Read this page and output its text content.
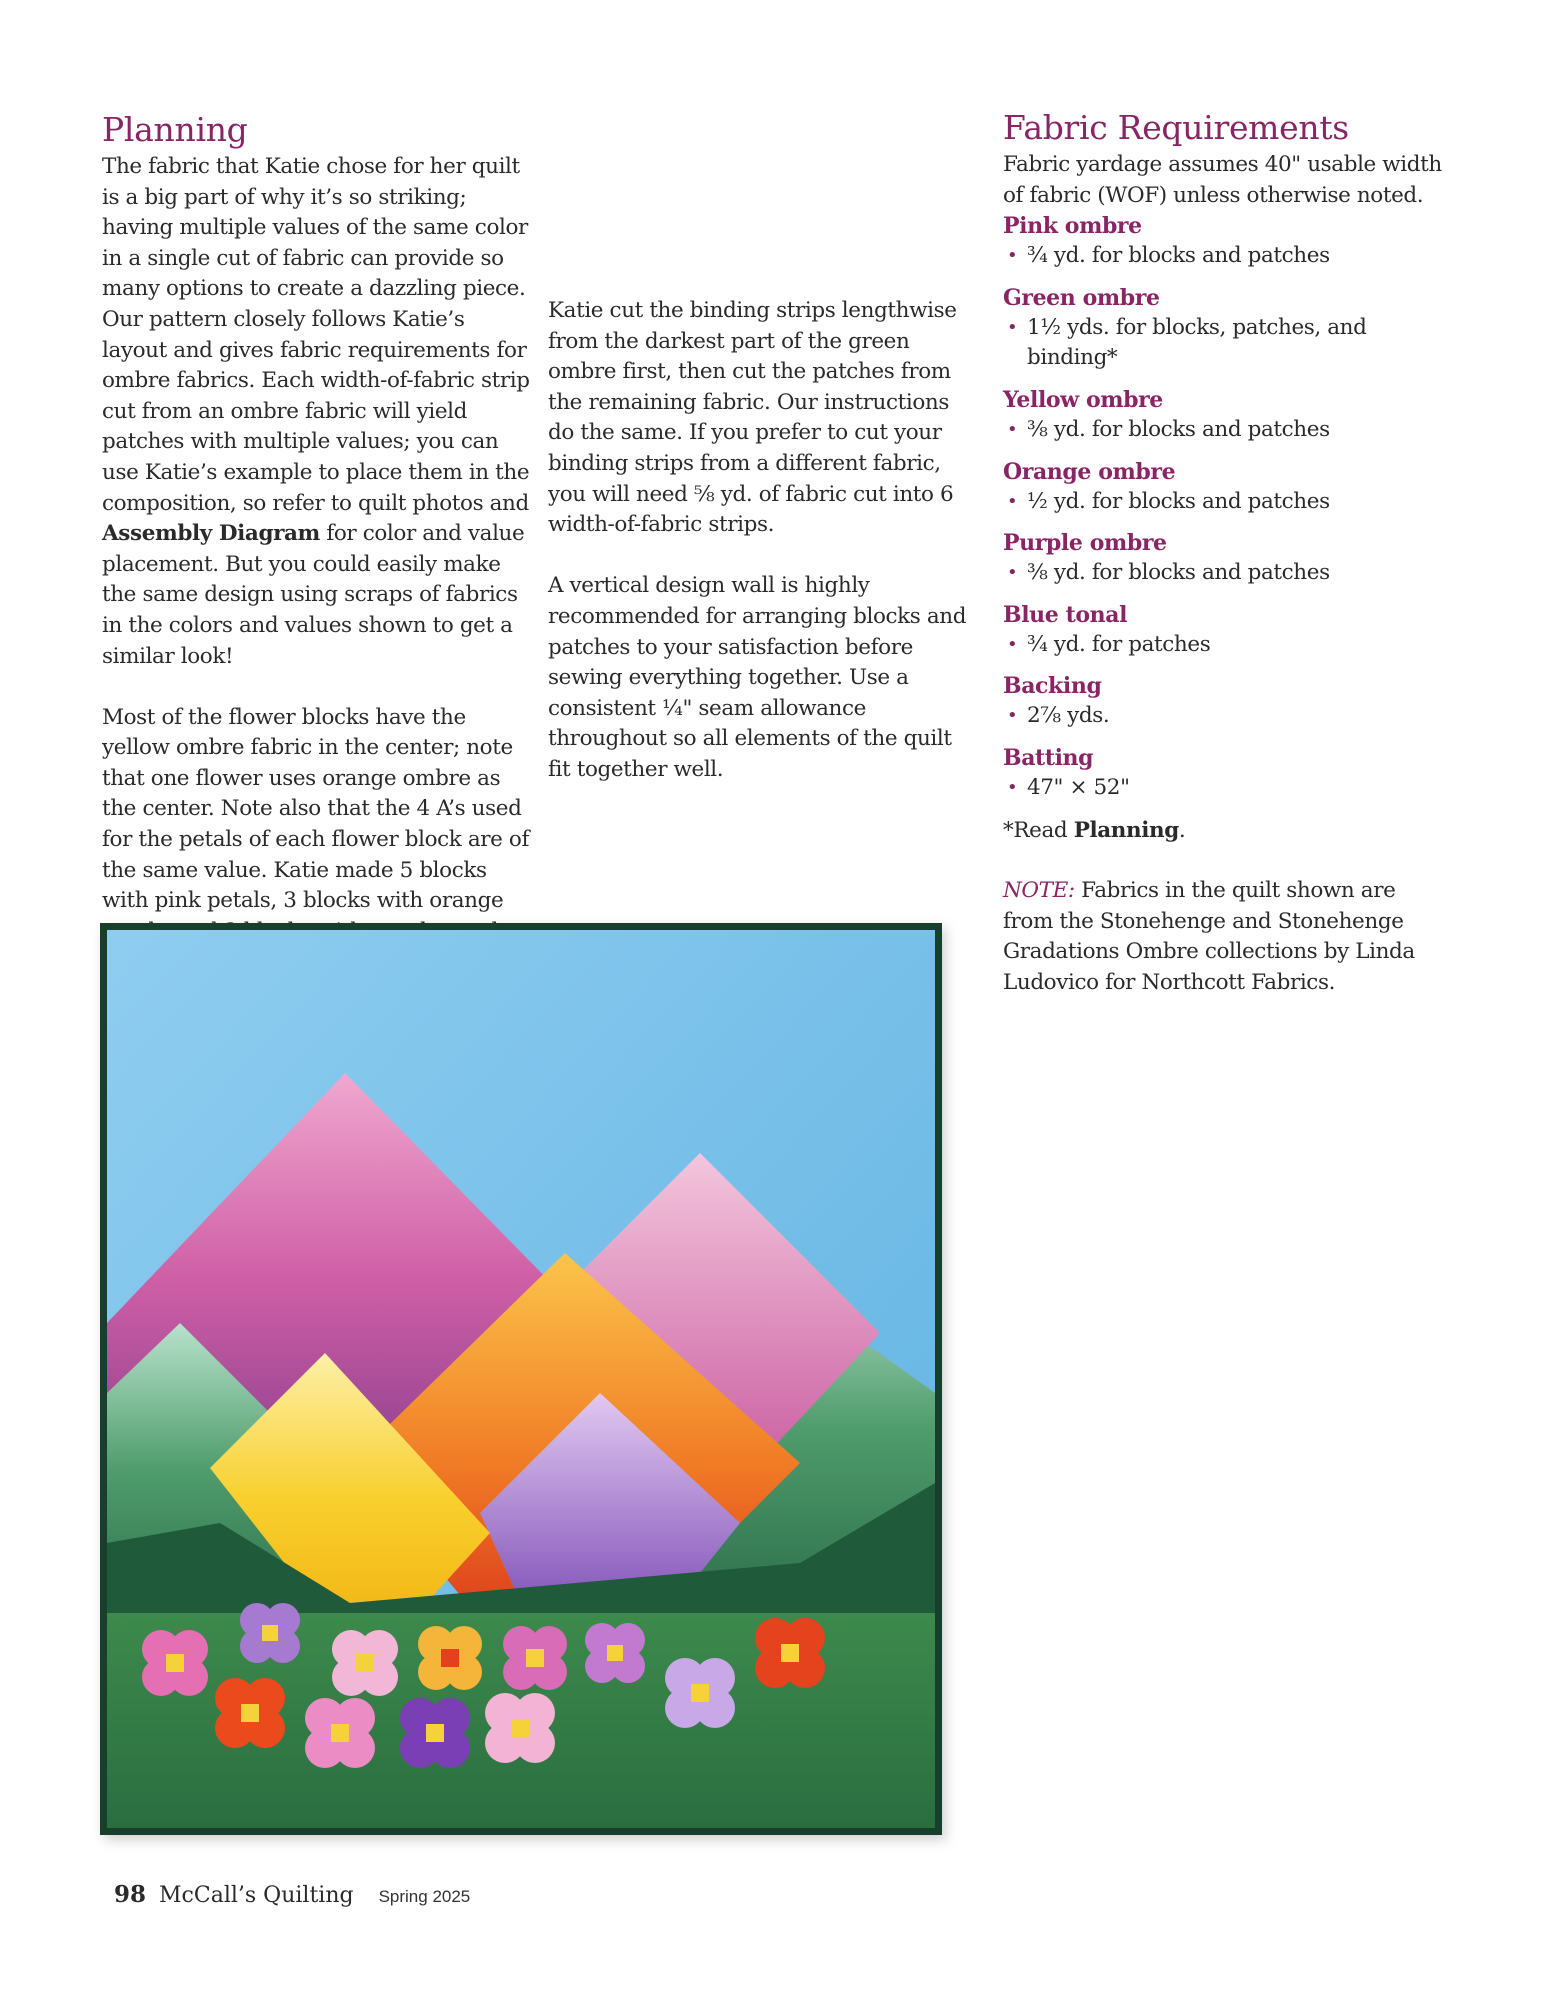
Planning

The fabric that Katie chose for her quilt is a big part of why it’s so striking; having multiple values of the same color in a single cut of fabric can provide so many options to create a dazzling piece. Our pattern closely follows Katie’s layout and gives fabric requirements for ombre fabrics. Each width-of-fabric strip cut from an ombre fabric will yield patches with multiple values; you can use Katie’s example to place them in the composition, so refer to quilt photos and Assembly Diagram for color and value placement. But you could easily make the same design using scraps of fabrics in the colors and values shown to get a similar look!

Most of the flower blocks have the yellow ombre fabric in the center; note that one flower uses orange ombre as the center. Note also that the 4 A’s used for the petals of each flower block are of the same value. Katie made 5 blocks with pink petals, 3 blocks with orange

Katie cut the binding strips lengthwise from the darkest part of the green ombre first, then cut the patches from the remaining fabric. Our instructions do the same. If you prefer to cut your binding strips from a different fabric, you will need ⅝ yd. of fabric cut into 6 width-of-fabric strips.

A vertical design wall is highly recommended for arranging blocks and patches to your satisfaction before sewing everything together. Use a consistent ¼" seam allowance throughout so all elements of the quilt fit together well.

Fabric Requirements
Fabric yardage assumes 40" usable width of fabric (WOF) unless otherwise noted.
Pink ombre
• ¾ yd. for blocks and patches
Green ombre
• 1½ yds. for blocks, patches, and binding*
Yellow ombre
• ⅜ yd. for blocks and patches
Orange ombre
• ½ yd. for blocks and patches
Purple ombre
• ⅜ yd. for blocks and patches
Blue tonal
• ¾ yd. for patches
Backing
• 2⅞ yds.
Batting
• 47" × 52"
*Read Planning.
NOTE: Fabrics in the quilt shown are from the Stonehenge and Stonehenge Gradations Ombre collections by Linda Ludovico for Northcott Fabrics.
98 McCall’s Quilting Spring 2025
